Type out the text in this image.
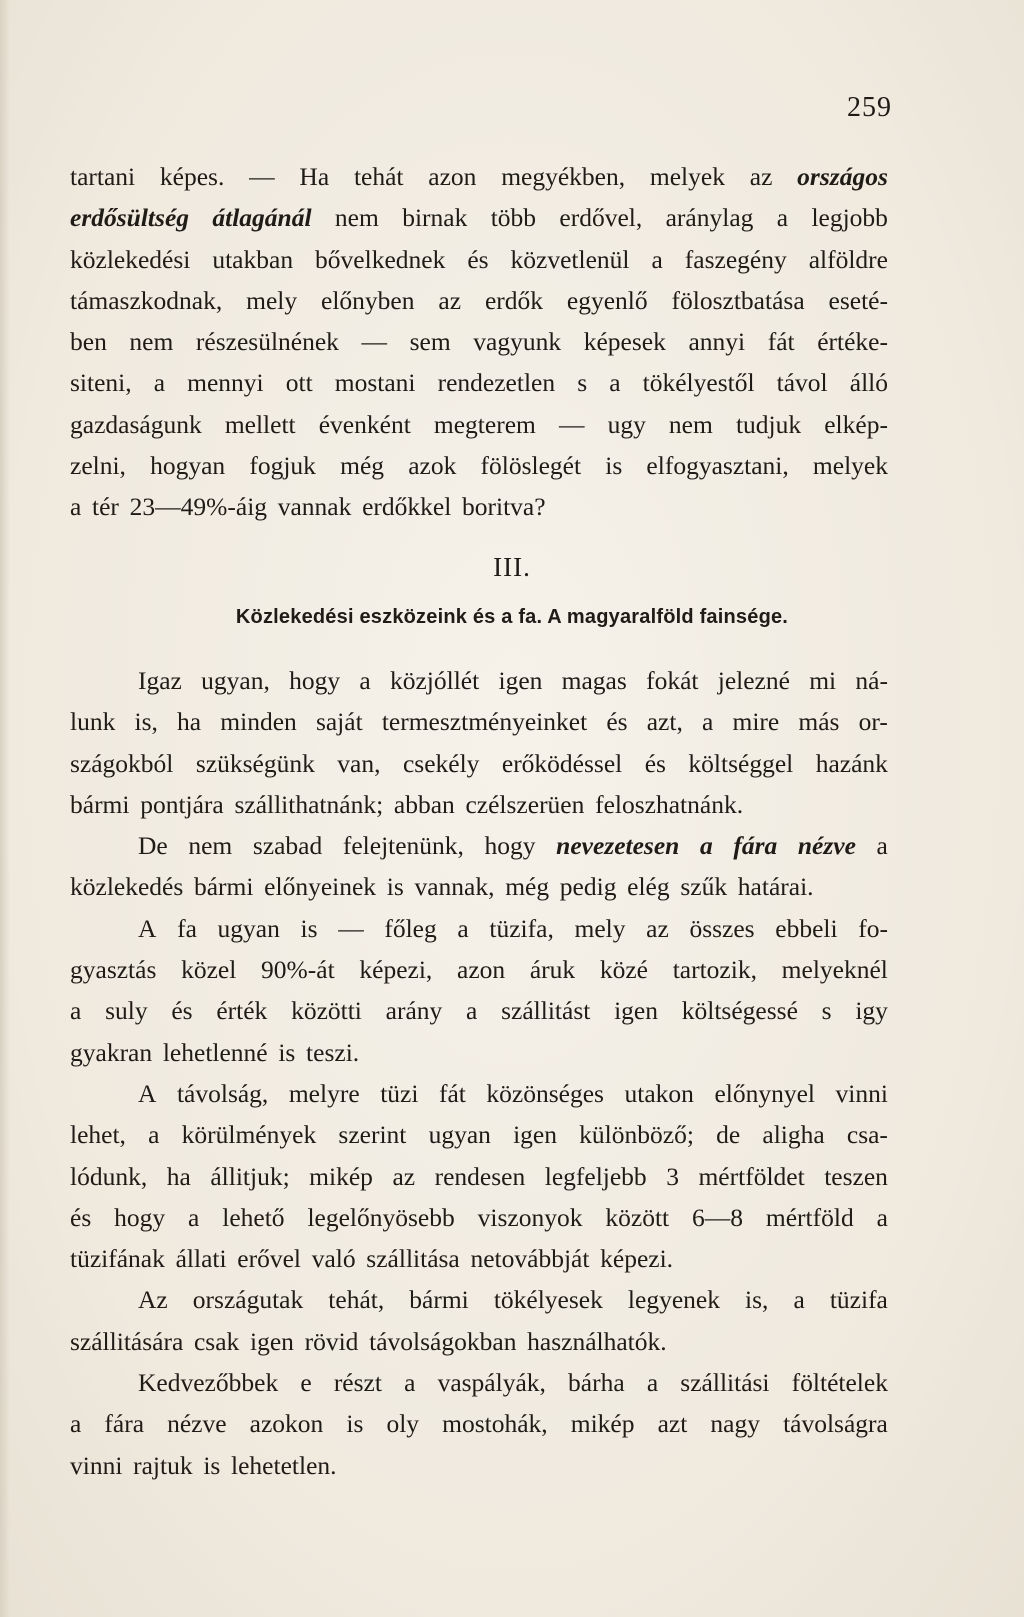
259
tartani képes. — Ha tehát azon megyékben, melyek az országos
erdősültség átlagánál nem birnak több erdővel, aránylag a legjobb
közlekedési utakban bővelkednek és közvetlenül a faszegény alföldre
támaszkodnak, mely előnyben az erdők egyenlő fölosztbatása eseté-
ben nem részesülnének — sem vagyunk képesek annyi fát értéke-
siteni, a mennyi ott mostani rendezetlen s a tökélyestől távol álló
gazdaságunk mellett évenként megterem — ugy nem tudjuk elkép-
zelni, hogyan fogjuk még azok fölöslegét is elfogyasztani, melyek
a tér 23—49%-áig vannak erdőkkel boritva?
III.
Közlekedési eszközeink és a fa. A magyaralföld fainsége.
Igaz ugyan, hogy a közjóllét igen magas fokát jelezné mi ná-
lunk is, ha minden saját termesztményeinket és azt, a mire más or-
szágokból szükségünk van, csekély erőködéssel és költséggel hazánk
bármi pontjára szállithatnánk; abban czélszerüen feloszhatnánk.
De nem szabad felejtenünk, hogy nevezetesen a fára nézve a
közlekedés bármi előnyeinek is vannak, még pedig elég szűk határai.
A fa ugyan is — főleg a tüzifa, mely az összes ebbeli fo-
gyasztás közel 90%-át képezi, azon áruk közé tartozik, melyeknél
a suly és érték közötti arány a szállitást igen költségessé s igy
gyakran lehetlenné is teszi.
A távolság, melyre tüzi fát közönséges utakon előnynyel vinni
lehet, a körülmények szerint ugyan igen különböző; de aligha csa-
lódunk, ha állitjuk; mikép az rendesen legfeljebb 3 mértföldet teszen
és hogy a lehető legelőnyösebb viszonyok között 6—8 mértföld a
tüzifának állati erővel való szállitása netovábbját képezi.
Az országutak tehát, bármi tökélyesek legyenek is, a tüzifa
szállitására csak igen rövid távolságokban használhatók.
Kedvezőbbek e részt a vaspályák, bárha a szállitási föltételek
a fára nézve azokon is oly mostohák, mikép azt nagy távolságra
vinni rajtuk is lehetetlen.
